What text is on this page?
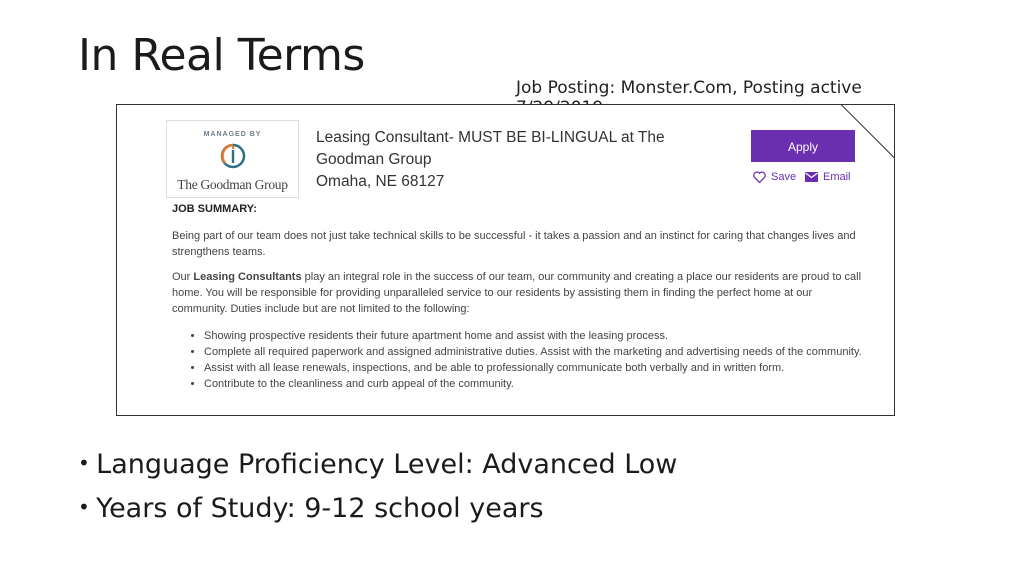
In Real Terms
Job Posting: Monster.Com, Posting active
MANAGED BY
The Goodman Group
Leasing Consultant- MUST BE BI-LINGUAL at The
Goodman Group
Omaha, NE 68127
Apply
Save Email
JOB SUMMARY:
Being part of our team does not just take technical skills to be successful - it takes a passion and an instinct for caring that changes lives and strengthens teams.
Our Leasing Consultants play an integral role in the success of our team, our community and creating a place our residents are proud to call home. You will be responsible for providing unparalleled service to our residents by assisting them in finding the perfect home at our community. Duties include but are not limited to the following:
• Showing prospective residents their future apartment home and assist with the leasing process.
• Complete all required paperwork and assigned administrative duties. Assist with the marketing and advertising needs of the community.
• Assist with all lease renewals, inspections, and be able to professionally communicate both verbally and in written form.
• Contribute to the cleanliness and curb appeal of the community.
• Language Proficiency Level: Advanced Low
• Years of Study: 9-12 school years
